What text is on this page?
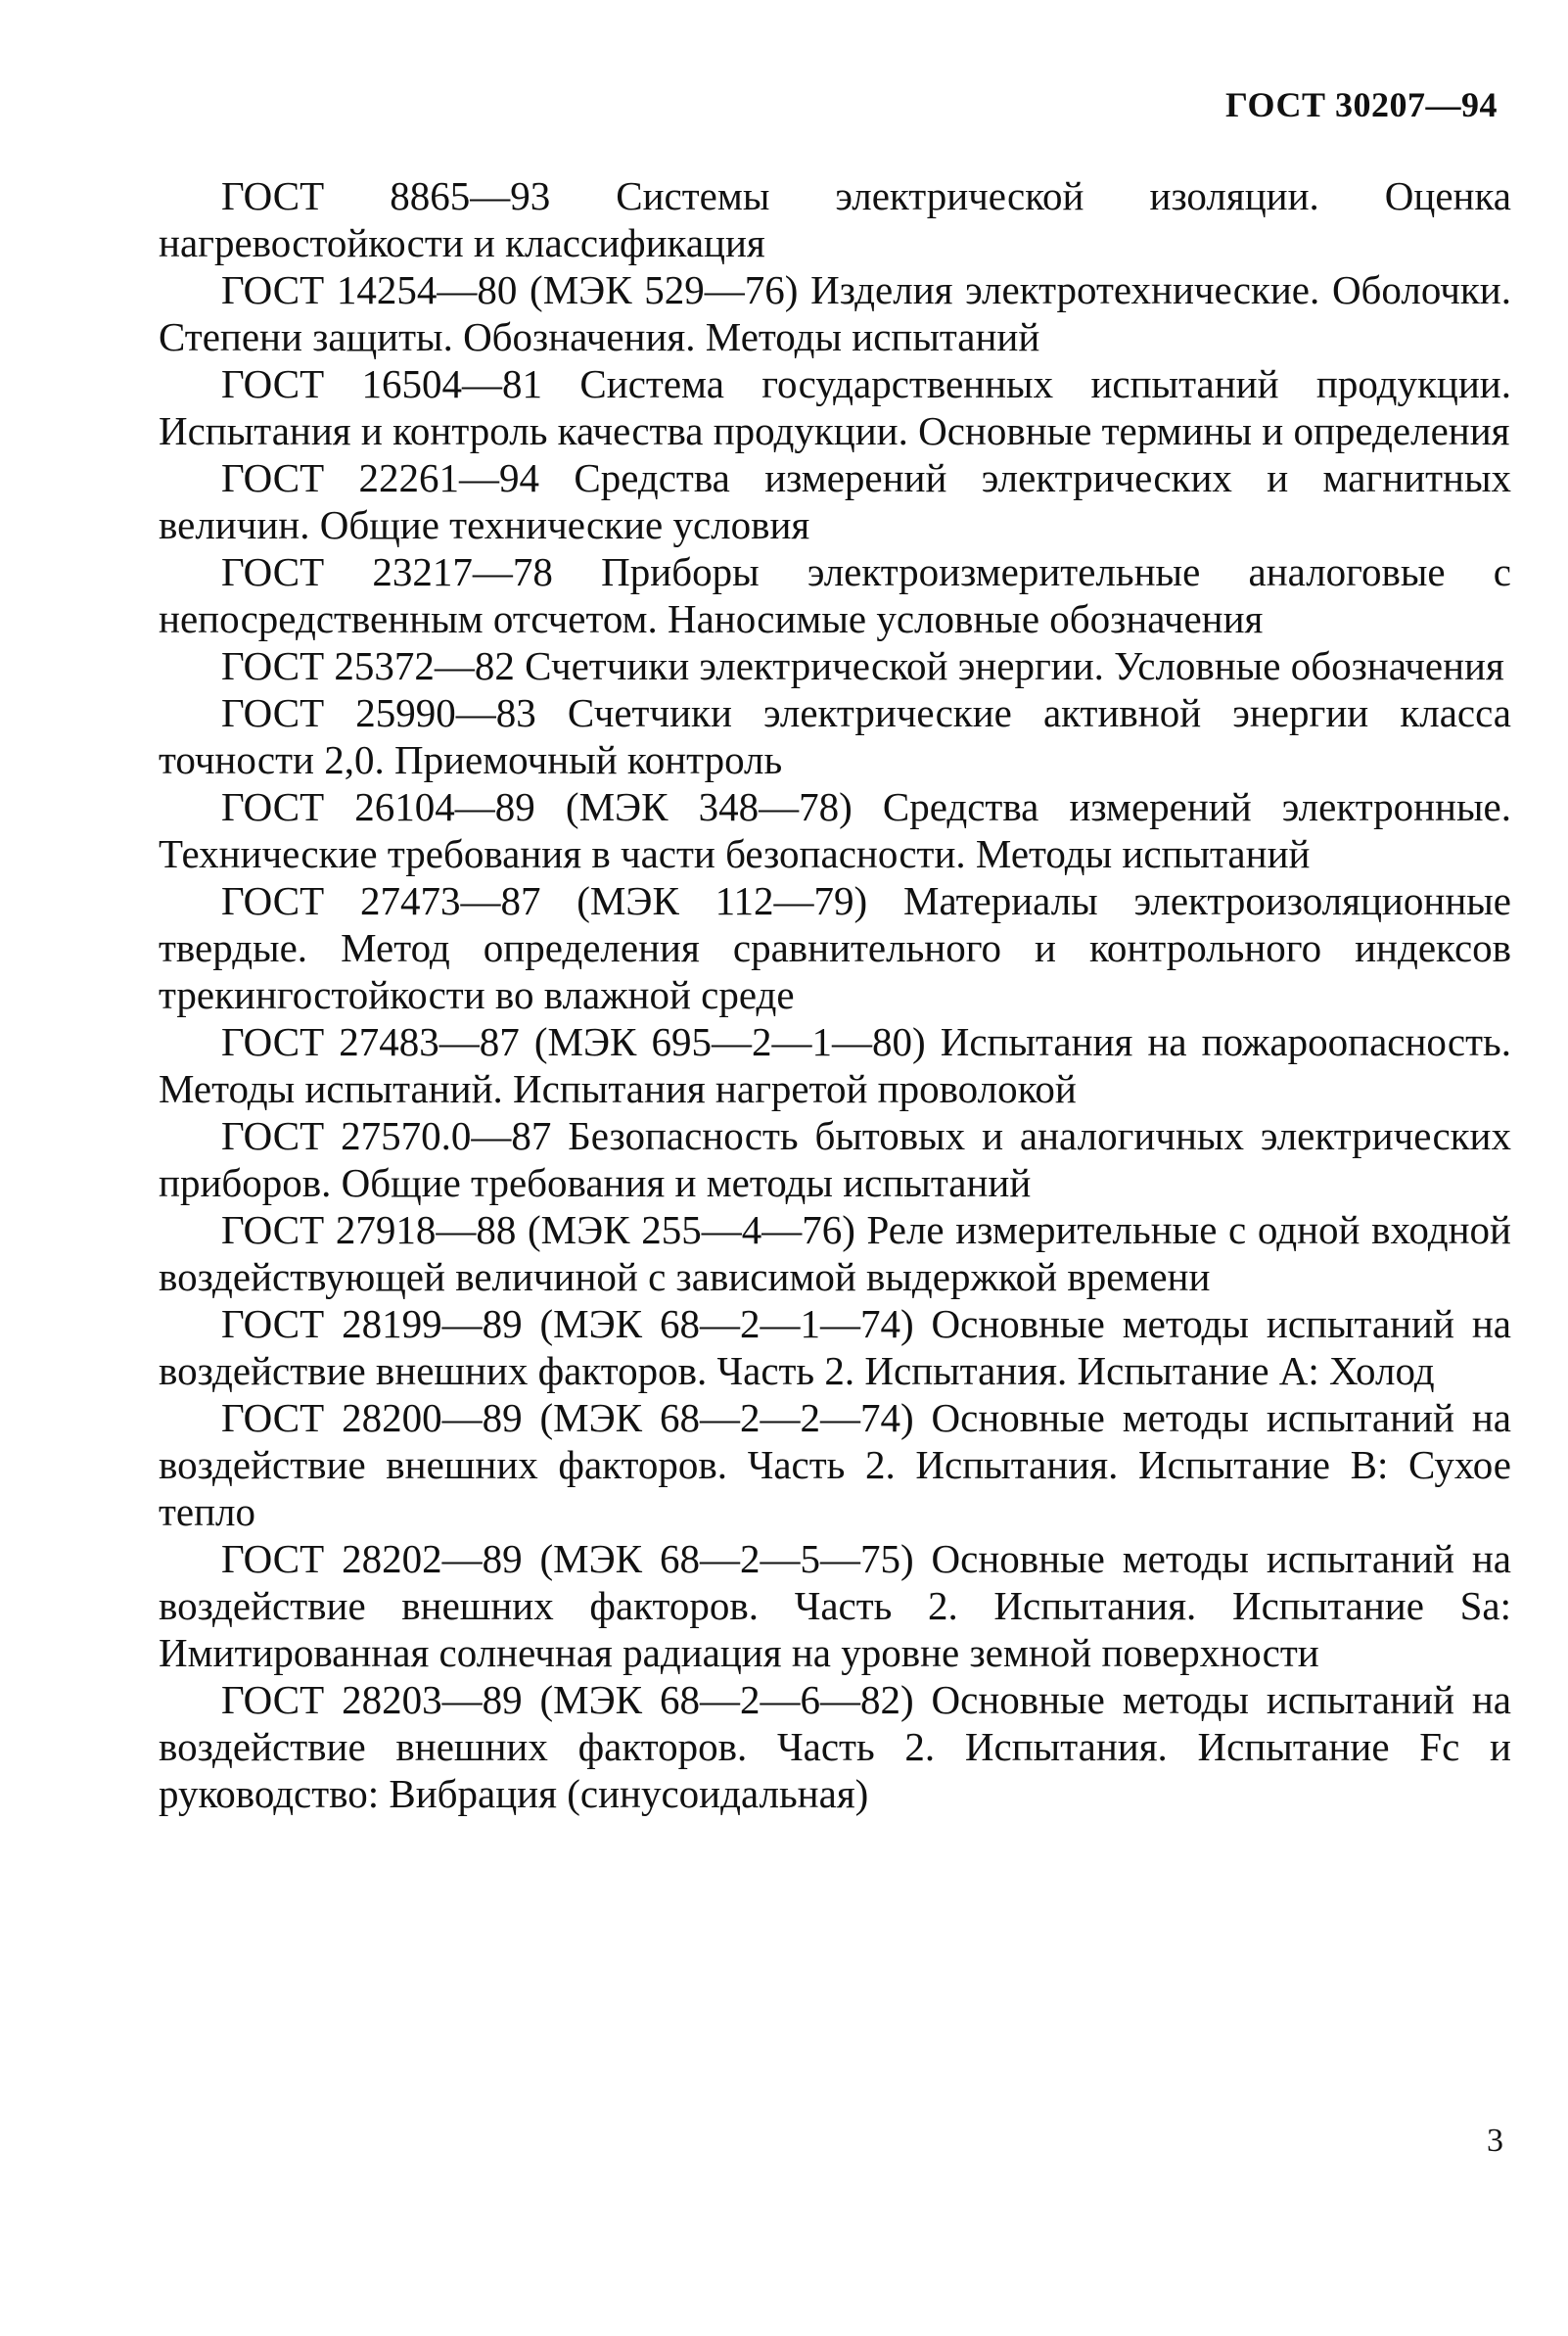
ГОСТ 30207—94
ГОСТ 8865—93 Системы электрической изоляции. Оценка нагревостойкости и классификация
ГОСТ 14254—80 (МЭК 529—76) Изделия электротехнические. Оболочки. Степени защиты. Обозначения. Методы испытаний
ГОСТ 16504—81 Система государственных испытаний продукции. Испытания и контроль качества продукции. Основные термины и определения
ГОСТ 22261—94 Средства измерений электрических и магнитных величин. Общие технические условия
ГОСТ 23217—78 Приборы электроизмерительные аналоговые с непосредственным отсчетом. Наносимые условные обозначения
ГОСТ 25372—82 Счетчики электрической энергии. Условные обозначения
ГОСТ 25990—83 Счетчики электрические активной энергии класса точности 2,0. Приемочный контроль
ГОСТ 26104—89 (МЭК 348—78) Средства измерений электронные. Технические требования в части безопасности. Методы испытаний
ГОСТ 27473—87 (МЭК 112—79) Материалы электроизоляционные твердые. Метод определения сравнительного и контрольного индексов трекингостойкости во влажной среде
ГОСТ 27483—87 (МЭК 695—2—1—80) Испытания на пожароопасность. Методы испытаний. Испытания нагретой проволокой
ГОСТ 27570.0—87 Безопасность бытовых и аналогичных электрических приборов. Общие требования и методы испытаний
ГОСТ 27918—88 (МЭК 255—4—76) Реле измерительные с одной входной воздействующей величиной с зависимой выдержкой времени
ГОСТ 28199—89 (МЭК 68—2—1—74) Основные методы испытаний на воздействие внешних факторов. Часть 2. Испытания. Испытание А: Холод
ГОСТ 28200—89 (МЭК 68—2—2—74) Основные методы испытаний на воздействие внешних факторов. Часть 2. Испытания. Испытание В: Сухое тепло
ГОСТ 28202—89 (МЭК 68—2—5—75) Основные методы испытаний на воздействие внешних факторов. Часть 2. Испытания. Испытание Sa: Имитированная солнечная радиация на уровне земной поверхности
ГОСТ 28203—89 (МЭК 68—2—6—82) Основные методы испытаний на воздействие внешних факторов. Часть 2. Испытания. Испытание Fc и руководство: Вибрация (синусоидальная)
3
